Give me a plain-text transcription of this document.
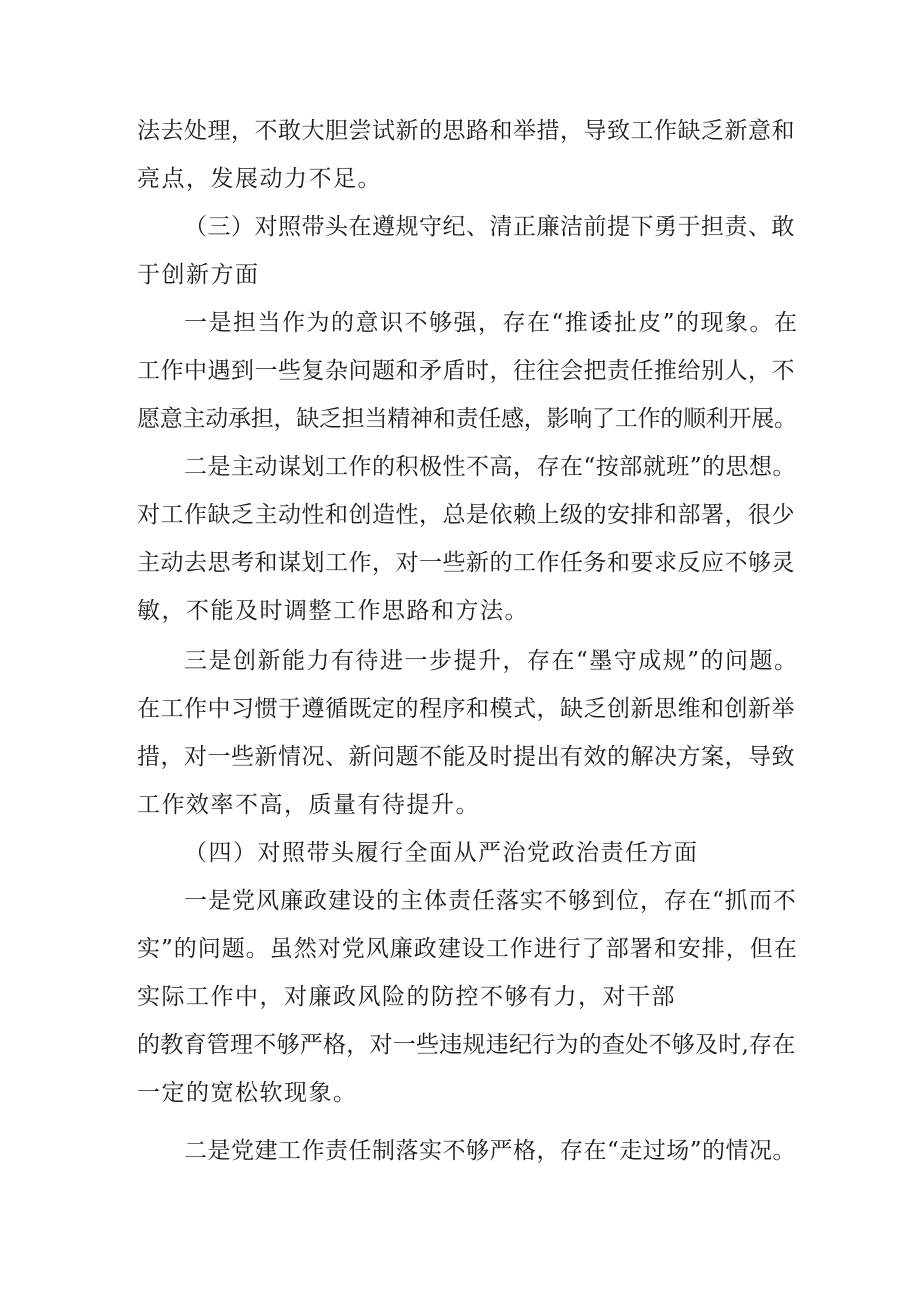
法去处理，不敢大胆尝试新的思路和举措，导致工作缺乏新意和
亮点，发展动力不足。
（三）对照带头在遵规守纪、清正廉洁前提下勇于担责、敢
于创新方面
一是担当作为的意识不够强，存在“推诿扯皮”的现象。在
工作中遇到一些复杂问题和矛盾时，往往会把责任推给别人，不
愿意主动承担，缺乏担当精神和责任感，影响了工作的顺利开展。
二是主动谋划工作的积极性不高，存在“按部就班”的思想。
对工作缺乏主动性和创造性，总是依赖上级的安排和部署，很少
主动去思考和谋划工作，对一些新的工作任务和要求反应不够灵
敏，不能及时调整工作思路和方法。
三是创新能力有待进一步提升，存在“墨守成规”的问题。
在工作中习惯于遵循既定的程序和模式，缺乏创新思维和创新举
措，对一些新情况、新问题不能及时提出有效的解决方案，导致
工作效率不高，质量有待提升。
（四）对照带头履行全面从严治党政治责任方面
一是党风廉政建设的主体责任落实不够到位，存在“抓而不
实”的问题。虽然对党风廉政建设工作进行了部署和安排，但在
实际工作中，对廉政风险的防控不够有力，对干部
的教育管理不够严格，对一些违规违纪行为的查处不够及时,存在
一定的宽松软现象。
二是党建工作责任制落实不够严格，存在“走过场”的情况。
